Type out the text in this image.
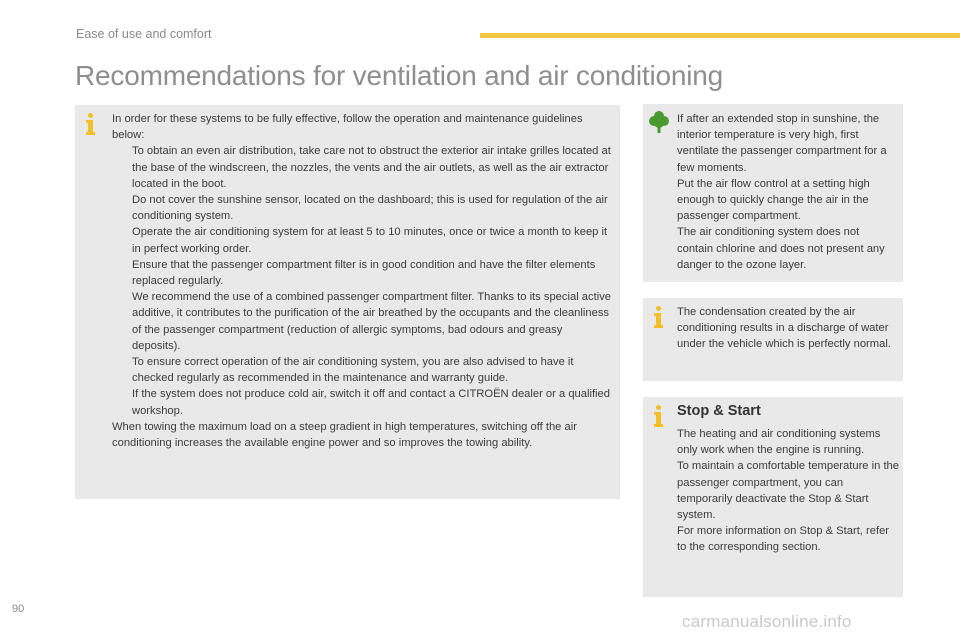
Ease of use and comfort
Recommendations for ventilation and air conditioning

In order for these systems to be fully effective, follow the operation and maintenance guidelines below:

To obtain an even air distribution, take care not to obstruct the exterior air intake grilles located at the base of the windscreen, the nozzles, the vents and the air outlets, as well as the air extractor located in the boot.

Do not cover the sunshine sensor, located on the dashboard; this is used for regulation of the air conditioning system.

Operate the air conditioning system for at least 5 to 10 minutes, once or twice a month to keep it in perfect working order.

Ensure that the passenger compartment filter is in good condition and have the filter elements replaced regularly.

We recommend the use of a combined passenger compartment filter. Thanks to its special active additive, it contributes to the purification of the air breathed by the occupants and the cleanliness of the passenger compartment (reduction of allergic symptoms, bad odours and greasy deposits).

To ensure correct operation of the air conditioning system, you are also advised to have it checked regularly as recommended in the maintenance and warranty guide.

If the system does not produce cold air, switch it off and contact a CITROËN dealer or a qualified workshop.

When towing the maximum load on a steep gradient in high temperatures, switching off the air conditioning increases the available engine power and so improves the towing ability.

If after an extended stop in sunshine, the interior temperature is very high, first ventilate the passenger compartment for a few moments.

Put the air flow control at a setting high enough to quickly change the air in the passenger compartment.

The air conditioning system does not contain chlorine and does not present any danger to the ozone layer.

The condensation created by the air conditioning results in a discharge of water under the vehicle which is perfectly normal.

Stop & Start

The heating and air conditioning systems only work when the engine is running.

To maintain a comfortable temperature in the passenger compartment, you can temporarily deactivate the Stop & Start system.

For more information on Stop & Start, refer to the corresponding section.

90
carmanualsonline.info
